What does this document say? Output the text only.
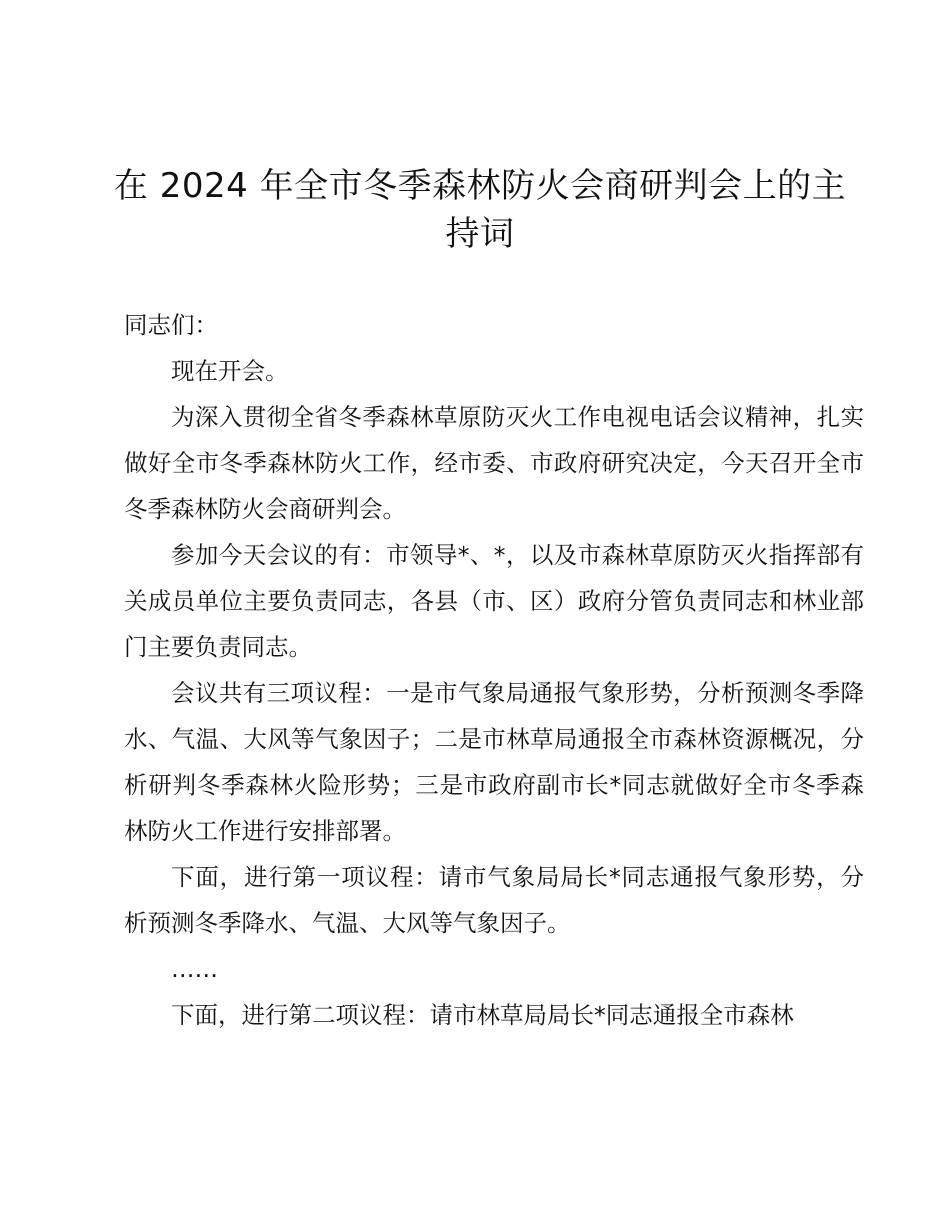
在 2024 年全市冬季森林防火会商研判会上的主持词

同志们：

现在开会。

为深入贯彻全省冬季森林草原防灭火工作电视电话会议精神，扎实做好全市冬季森林防火工作，经市委、市政府研究决定，今天召开全市冬季森林防火会商研判会。

参加今天会议的有：市领导*、*，以及市森林草原防灭火指挥部有关成员单位主要负责同志，各县（市、区）政府分管负责同志和林业部门主要负责同志。

会议共有三项议程：一是市气象局通报气象形势，分析预测冬季降水、气温、大风等气象因子；二是市林草局通报全市森林资源概况，分析研判冬季森林火险形势；三是市政府副市长*同志就做好全市冬季森林防火工作进行安排部署。

下面，进行第一项议程：请市气象局局长*同志通报气象形势，分析预测冬季降水、气温、大风等气象因子。

……

下面，进行第二项议程：请市林草局局长*同志通报全市森林
